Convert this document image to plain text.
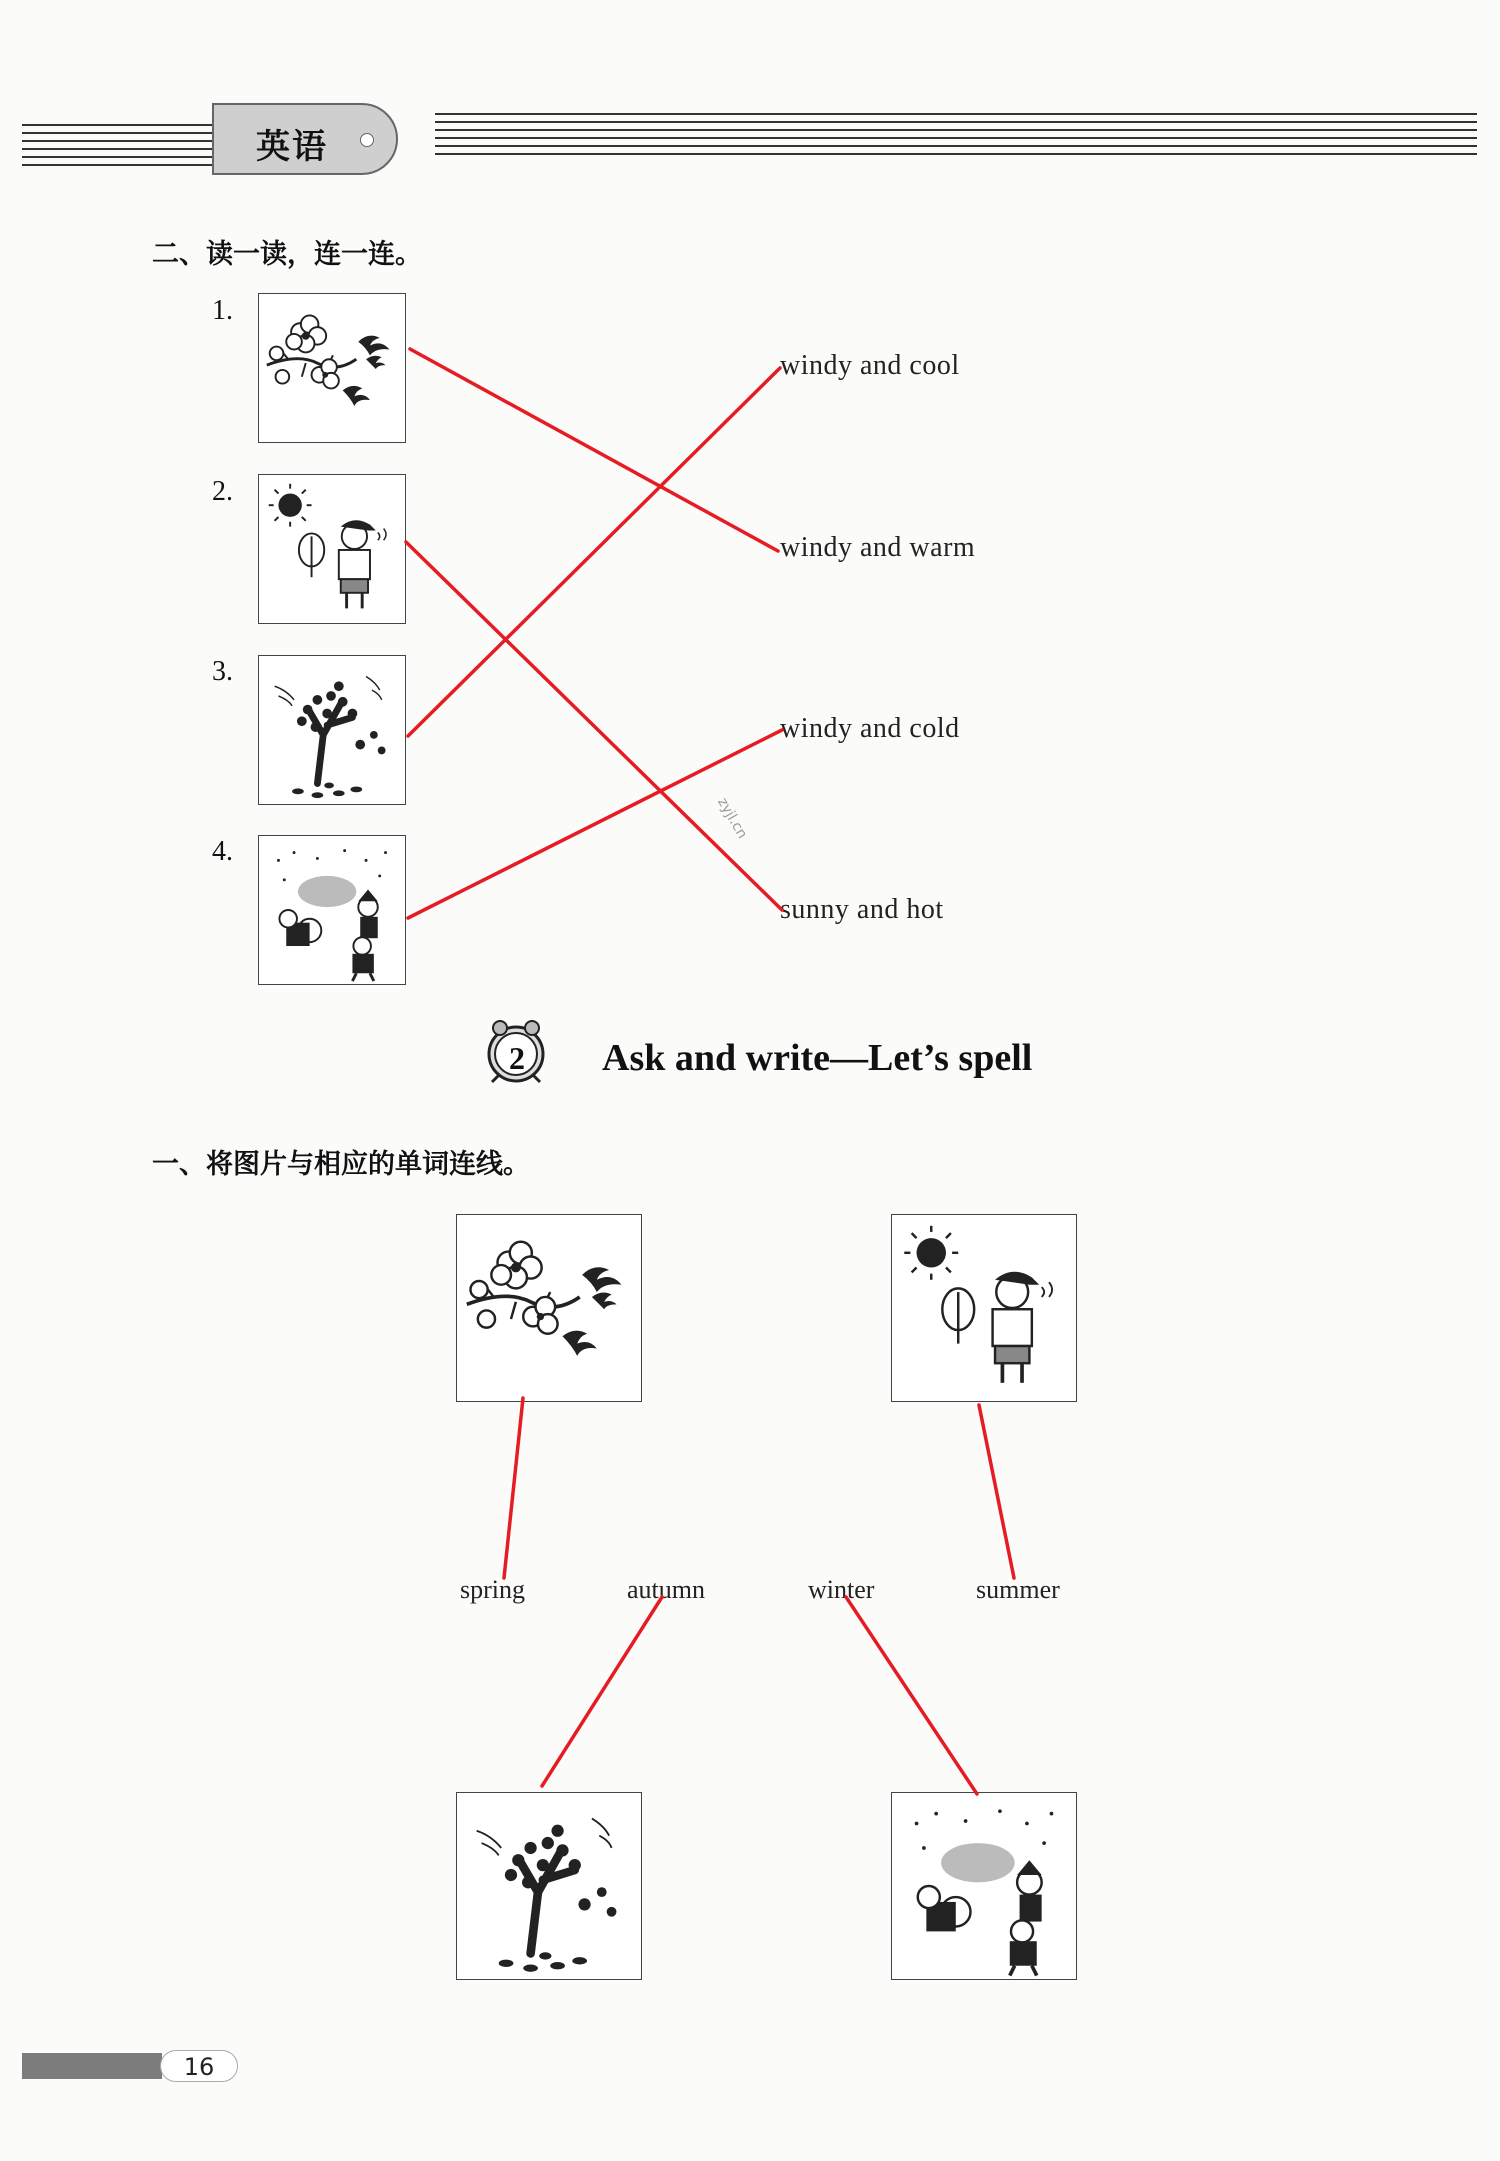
英语
二、读一读，连一连。
1.
2.
3.
4.
windy and cool
windy and warm
windy and cold
sunny and hot
zyjl.cn
2 Ask and write—Let’s spell
一、将图片与相应的单词连线。
spring	autumn	winter	summer
16
